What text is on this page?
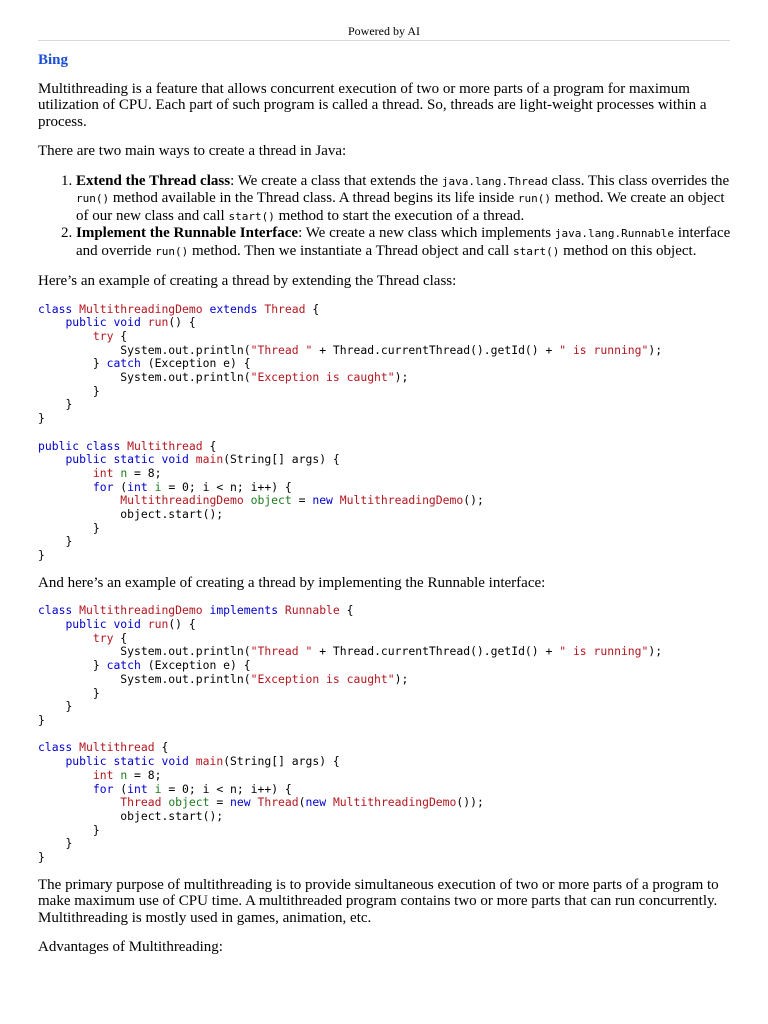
Powered by AI
Bing

Multithreading is a feature that allows concurrent execution of two or more parts of a program for maximum utilization of CPU. Each part of such program is called a thread. So, threads are light-weight processes within a process.

There are two main ways to create a thread in Java:

1. Extend the Thread class: We create a class that extends the java.lang.Thread class. This class overrides the run() method available in the Thread class. A thread begins its life inside run() method. We create an object of our new class and call start() method to start the execution of a thread.
2. Implement the Runnable Interface: We create a new class which implements java.lang.Runnable interface and override run() method. Then we instantiate a Thread object and call start() method on this object.

Here’s an example of creating a thread by extending the Thread class:

class MultithreadingDemo extends Thread {
public void run() {
try {
System.out.println("Thread " + Thread.currentThread().getId() + " is running");
} catch (Exception e) {
System.out.println("Exception is caught");
}
}
}

public class Multithread {
public static void main(String[] args) {
int n = 8;
for (int i = 0; i < n; i++) {
MultithreadingDemo object = new MultithreadingDemo();
object.start();
}
}
}

And here’s an example of creating a thread by implementing the Runnable interface:

class MultithreadingDemo implements Runnable {
public void run() {
try {
System.out.println("Thread " + Thread.currentThread().getId() + " is running");
} catch (Exception e) {
System.out.println("Exception is caught");
}
}
}

class Multithread {
public static void main(String[] args) {
int n = 8;
for (int i = 0; i < n; i++) {
Thread object = new Thread(new MultithreadingDemo());
object.start();
}
}
}

The primary purpose of multithreading is to provide simultaneous execution of two or more parts of a program to make maximum use of CPU time. A multithreaded program contains two or more parts that can run concurrently. Multithreading is mostly used in games, animation, etc.

Advantages of Multithreading:
